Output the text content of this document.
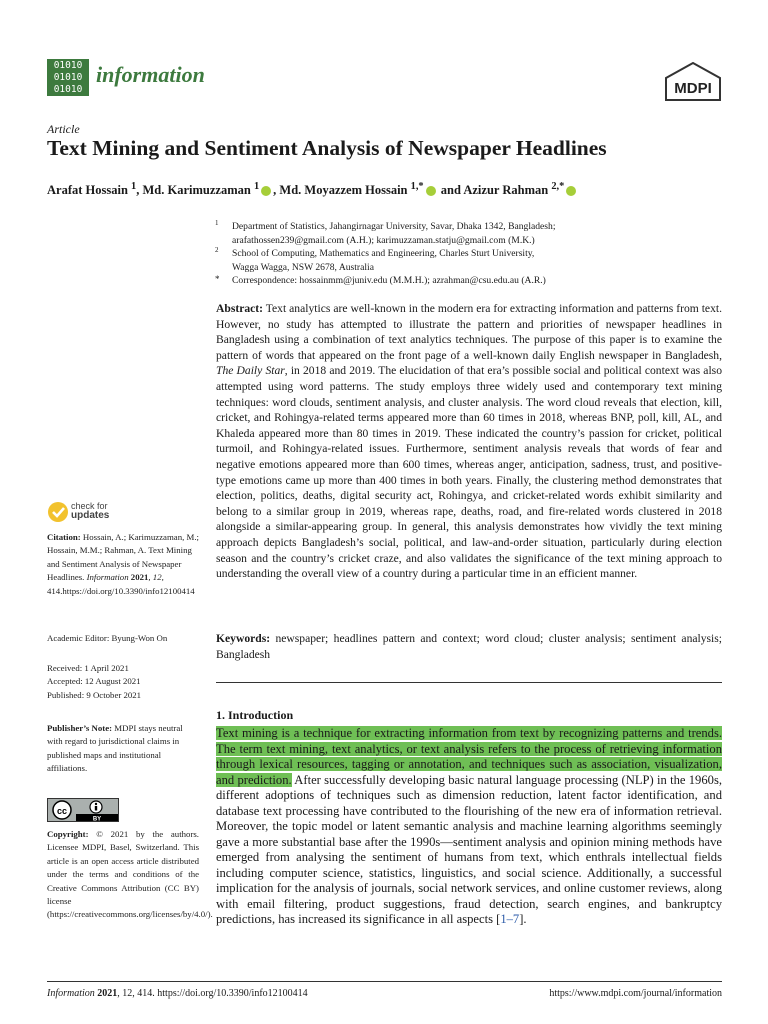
01010
01010
01010
information
MDPI
Article
Text Mining and Sentiment Analysis of Newspaper Headlines
Arafat Hossain $^1$, Md. Karimuzzaman $^1$ , Md. Moyazzem Hossain $^{1,*}$ and Azizur Rahman $^{2,*}$
1 Department of Statistics, Jahangirnagar University, Savar, Dhaka 1342, Bangladesh;
arafathossen239@gmail.com (A.H.); karimuzzaman.statju@gmail.com (M.K.)
2 School of Computing, Mathematics and Engineering, Charles Sturt University,
Wagga Wagga, NSW 2678, Australia
* Correspondence: hossainmm@juniv.edu (M.M.H.); azrahman@csu.edu.au (A.R.)
Abstract: Text analytics are well-known in the modern era for extracting information and patterns from text. However, no study has attempted to illustrate the pattern and priorities of newspaper headlines in Bangladesh using a combination of text analytics techniques. The purpose of this paper is to examine the pattern of words that appeared on the front page of a well-known daily English newspaper in Bangladesh, The Daily Star, in 2018 and 2019. The elucidation of that era’s possible social and political context was also attempted using word patterns. The study employs three widely used and contemporary text mining techniques: word clouds, sentiment analysis, and cluster analysis. The word cloud reveals that election, kill, cricket, and Rohingya-related terms appeared more than 60 times in 2018, whereas BNP, poll, kill, AL, and Khaleda appeared more than 80 times in 2019. These indicated the country’s passion for cricket, political turmoil, and Rohingya-related issues. Furthermore, sentiment analysis reveals that words of fear and negative emotions appeared more than 600 times, whereas anger, anticipation, sadness, trust, and positive-type emotions came up more than 400 times in both years. Finally, the clustering method demonstrates that election, politics, deaths, digital security act, Rohingya, and cricket-related words exhibit similarity and belong to a similar group in 2019, whereas rape, deaths, road, and fire-related words clustered in 2018 alongside a similar-appearing group. In general, this analysis demonstrates how vividly the text mining approach depicts Bangladesh’s social, political, and law-and-order situation, particularly during election season and the country’s cricket craze, and also validates the significance of the text mining approach to understanding the overall view of a country during a particular time in an efficient manner.
Keywords: newspaper; headlines pattern and context; word cloud; cluster analysis; sentiment analysis; Bangladesh
1. Introduction
Text mining is a technique for extracting information from text by recognizing patterns and trends. The term text mining, text analytics, or text analysis refers to the process of retrieving information through lexical resources, tagging or annotation, and techniques such as association, visualization, and prediction. After successfully developing basic natural language processing (NLP) in the 1960s, different adoptions of techniques such as dimension reduction, latent factor identification, and database text processing have contributed to the flourishing of the new era of information retrieval. Moreover, the topic model or latent semantic analysis and machine learning algorithms seemingly gave a more substantial base after the 1990s—sentiment analysis and opinion mining methods have emerged from analysing the sentiment of humans from text, which enthrals intellectual fields including computer science, statistics, linguistics, and social science. Additionally, a successful implication for the analysis of journals, social network services, and online customer reviews, along with email filtering, product suggestions, fraud detection, search engines, and bankruptcy predictions, has increased its significance in all aspects [1–7].
check for
updates
Citation: Hossain, A.; Karimuzzaman, M.; Hossain, M.M.; Rahman, A. Text Mining and Sentiment Analysis of Newspaper Headlines. Information 2021, 12, 414.https://doi.org/10.3390/info12100414
Academic Editor: Byung-Won On
Received: 1 April 2021
Accepted: 12 August 2021
Published: 9 October 2021
Publisher’s Note: MDPI stays neutral with regard to jurisdictional claims in published maps and institutional affiliations.
cc
BY
Copyright: © 2021 by the authors. Licensee MDPI, Basel, Switzerland. This article is an open access article distributed under the terms and conditions of the Creative Commons Attribution (CC BY) license (https://creativecommons.org/licenses/by/4.0/).
Information 2021, 12, 414. https://doi.org/10.3390/info12100414	https://www.mdpi.com/journal/information
